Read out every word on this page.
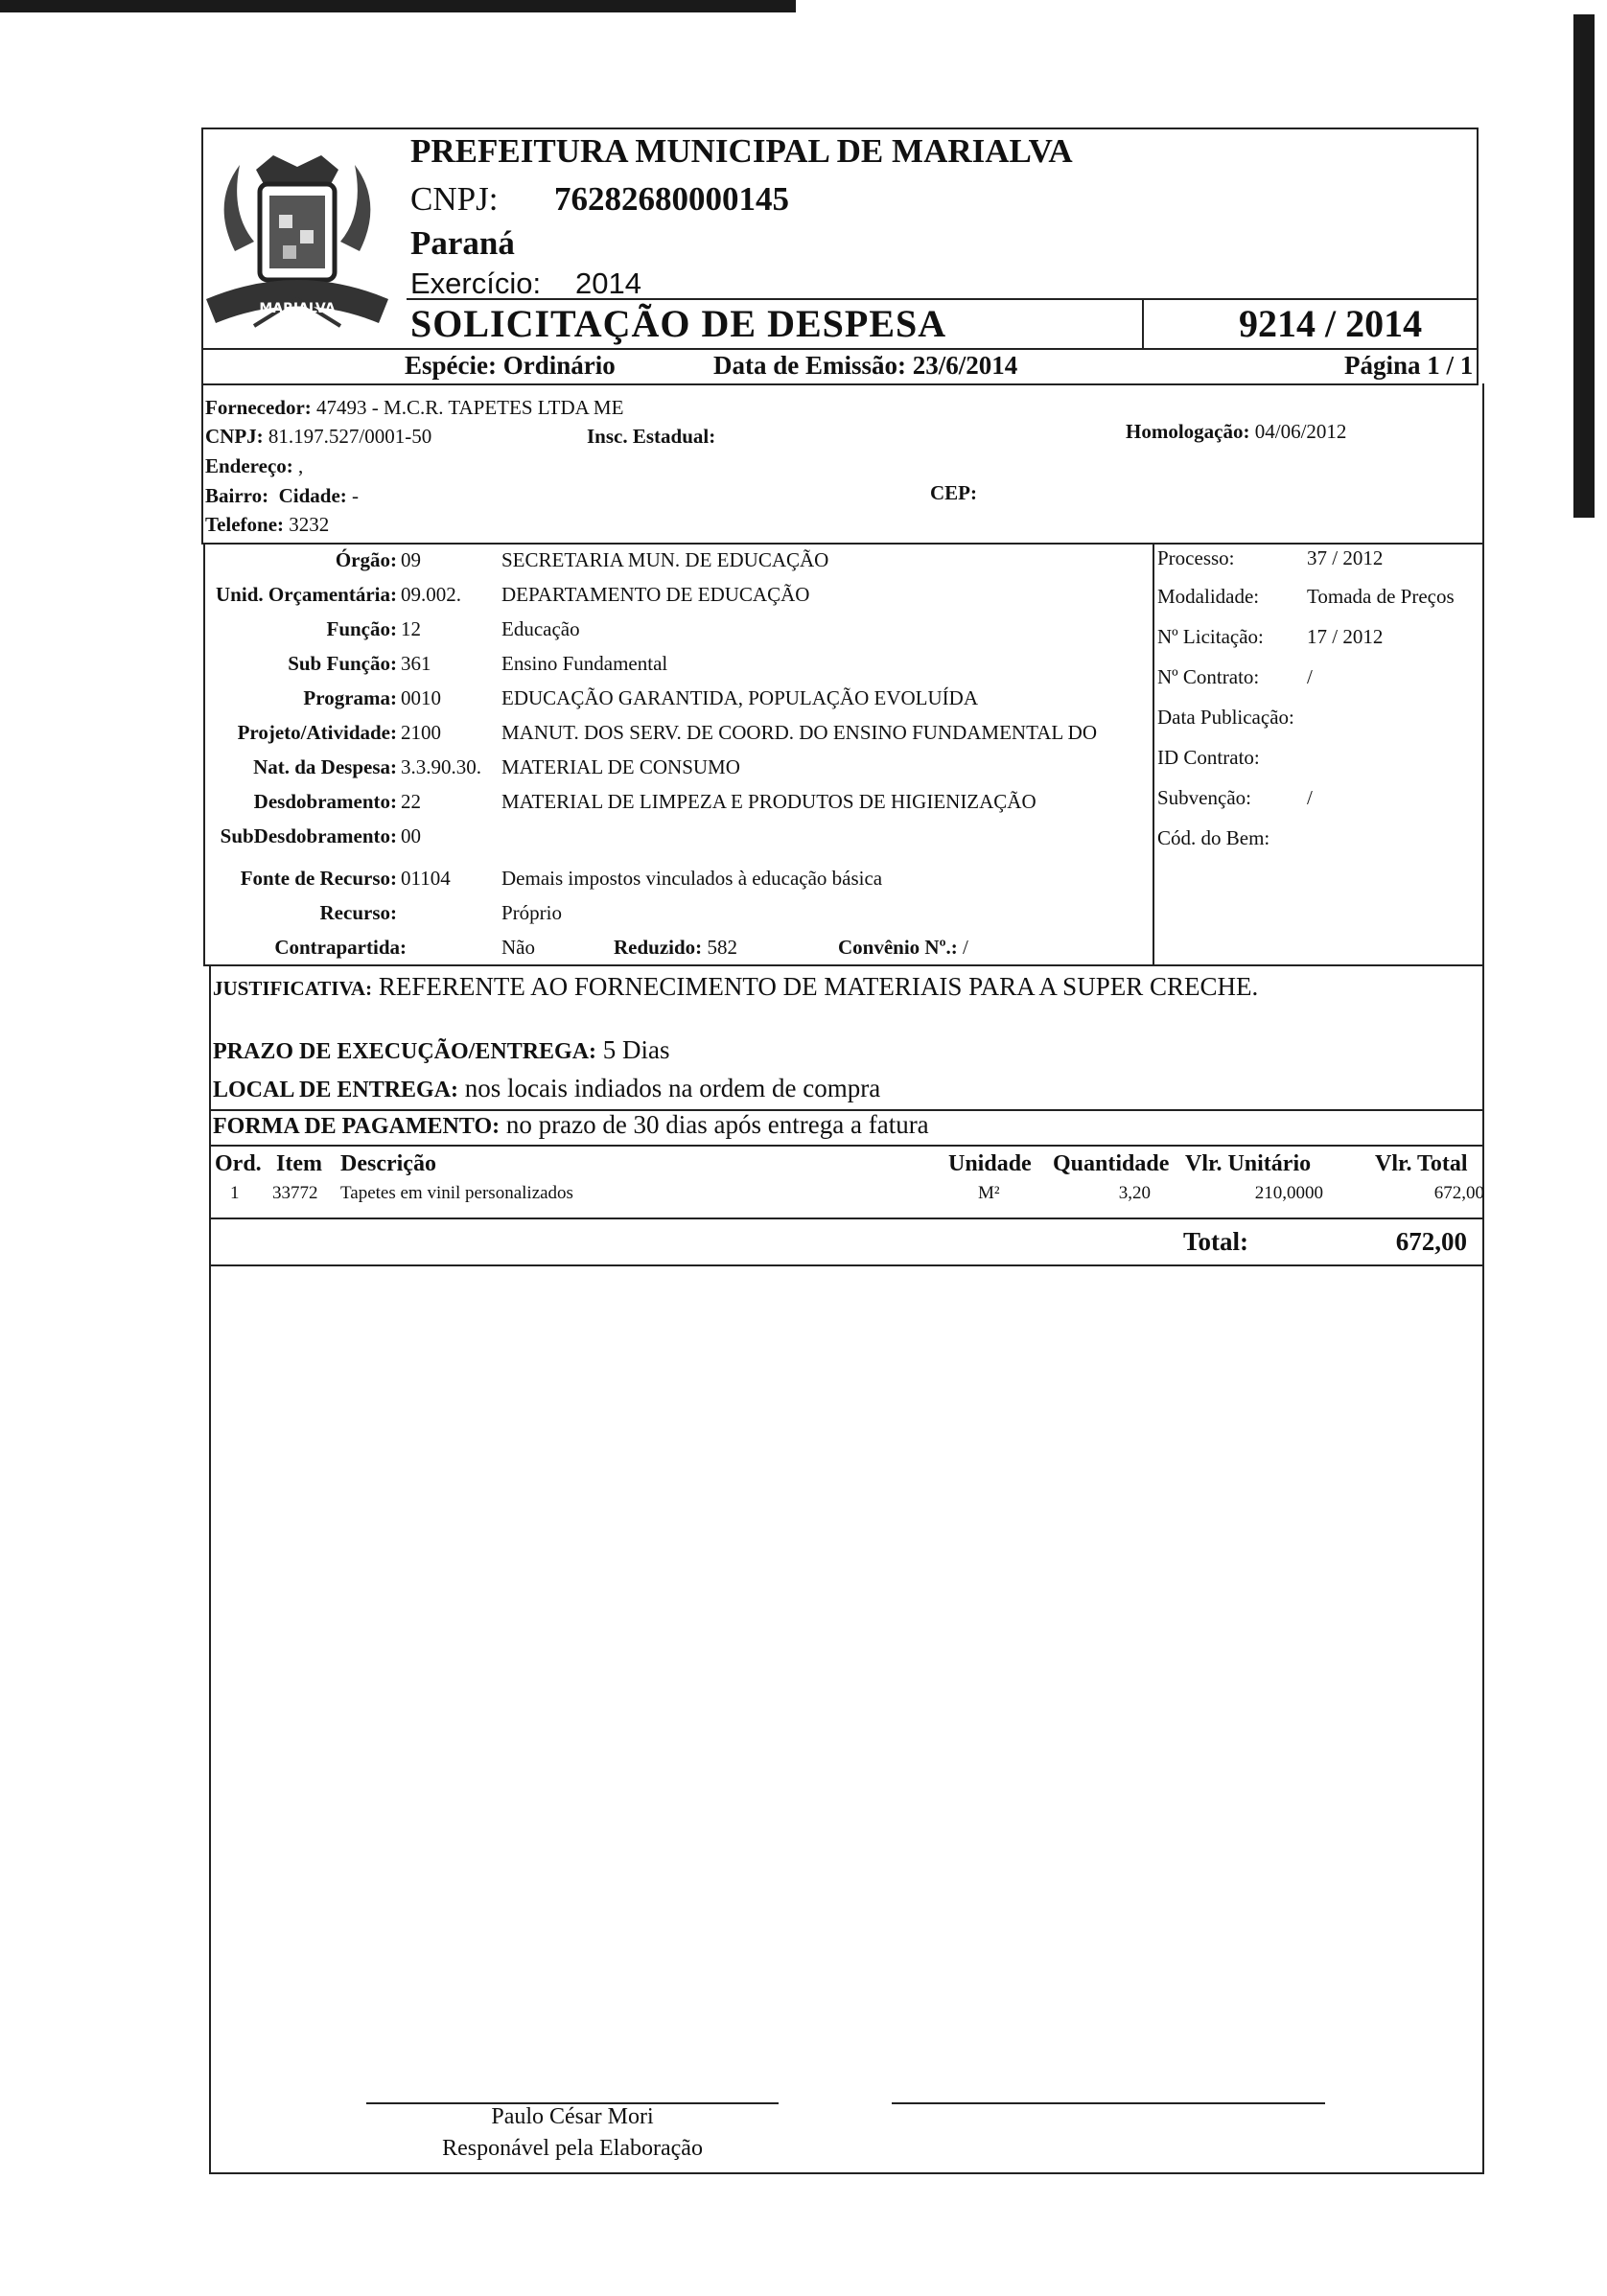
MARIALVA
PREFEITURA MUNICIPAL DE MARIALVA
CNPJ: 76282680000145
Paraná
Exercício: 2014
SOLICITAÇÃO DE DESPESA	9214 / 2014
Espécie: Ordinário	Data de Emissão: 23/6/2014	Página 1 / 1
Fornecedor: 47493 - M.C.R. TAPETES LTDA ME
CNPJ: 81.197.527/0001-50	Insc. Estadual:	Homologação: 04/06/2012
Endereço: ,
Bairro: Cidade: -	CEP:
Telefone: 3232
Órgão: 09	SECRETARIA MUN. DE EDUCAÇÃO
Unid. Orçamentária: 09.002. DEPARTAMENTO DE EDUCAÇÃO
Função: 12	Educação
Sub Função: 361	Ensino Fundamental
Programa: 0010	EDUCAÇÃO GARANTIDA, POPULAÇÃO EVOLUÍDA
Projeto/Atividade: 2100	MANUT. DOS SERV. DE COORD. DO ENSINO FUNDAMENTAL DO
Nat. da Despesa: 3.3.90.30. MATERIAL DE CONSUMO
Desdobramento: 22	MATERIAL DE LIMPEZA E PRODUTOS DE HIGIENIZAÇÃO
SubDesdobramento: 00
Fonte de Recurso: 01104	Demais impostos vinculados à educação básica
Recurso:	Próprio
Processo:	37 / 2012
Modalidade: Tomada de Preços
Nº Licitação: 17 / 2012
Nº Contrato: /
Data Publicação:
ID Contrato:
Subvenção:	/
Cód. do Bem:
Contrapartida:	Não	Reduzido: 582	Convênio Nº.: /
JUSTIFICATIVA: REFERENTE AO FORNECIMENTO DE MATERIAIS PARA A SUPER CRECHE.
PRAZO DE EXECUÇÃO/ENTREGA: 5 Dias
LOCAL DE ENTREGA: nos locais indiados na ordem de compra
FORMA DE PAGAMENTO: no prazo de 30 dias após entrega a fatura
Ord. Item Descrição	Unidade Quantidade Vlr. Unitário	Vlr. Total
1 33772 Tapetes em vinil personalizados	M²	3,20	210,0000	672,00
Total:	672,00
Paulo César Mori
Responável pela Elaboração
